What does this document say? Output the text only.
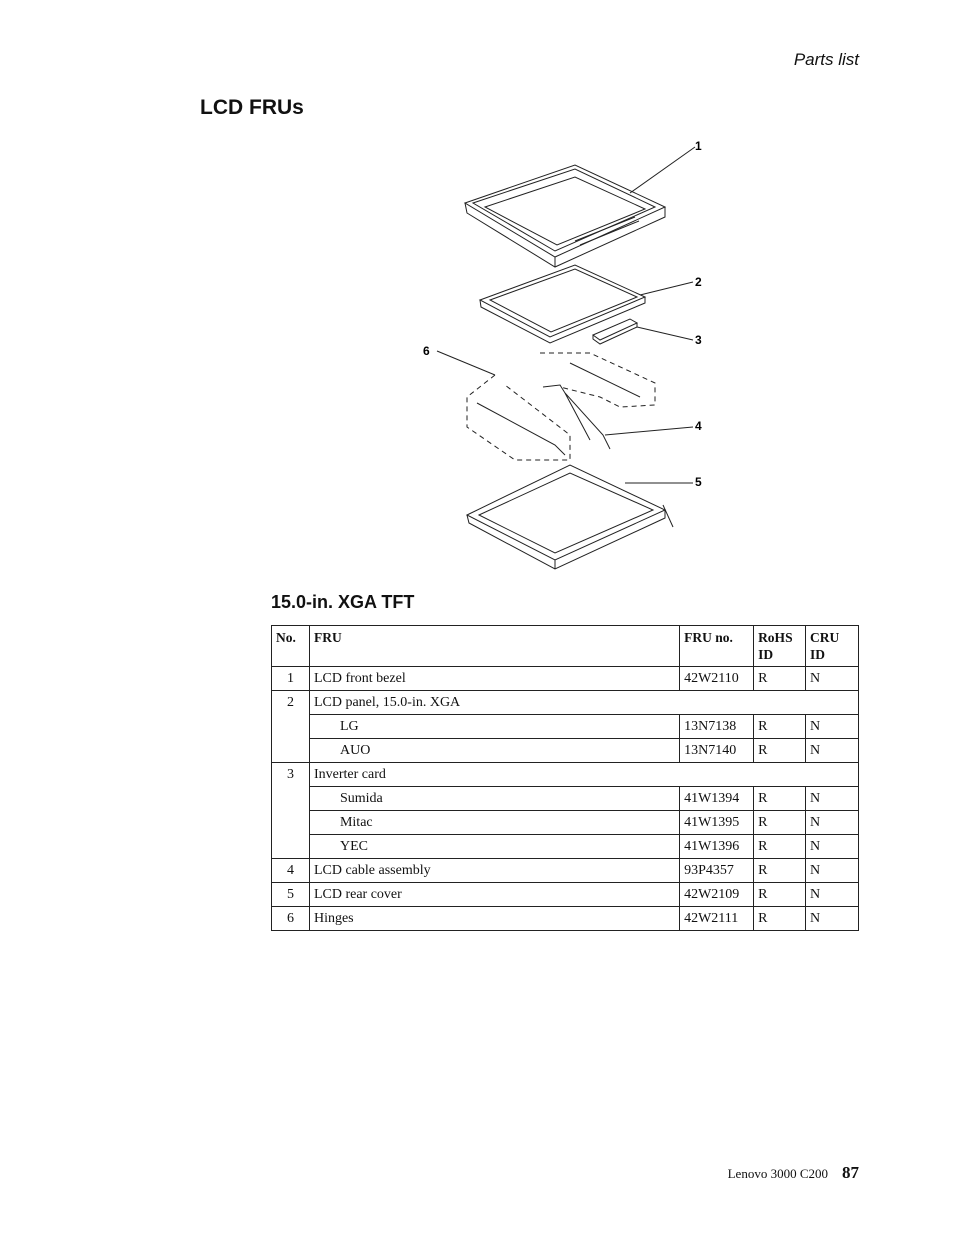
Parts list
LCD FRUs
1
2
3
4
5
6
15.0-in. XGA TFT
No.	FRU	FRU no.	RoHS ID	CRU ID
1	LCD front bezel	42W2110	R	N
2	LCD panel, 15.0-in. XGA			
	LG	13N7138	R	N
	AUO	13N7140	R	N
3	Inverter card			
	Sumida	41W1394	R	N
	Mitac	41W1395	R	N
	YEC	41W1396	R	N
4	LCD cable assembly	93P4357	R	N
5	LCD rear cover	42W2109	R	N
6	Hinges	42W2111	R	N
Lenovo 3000 C200 87
